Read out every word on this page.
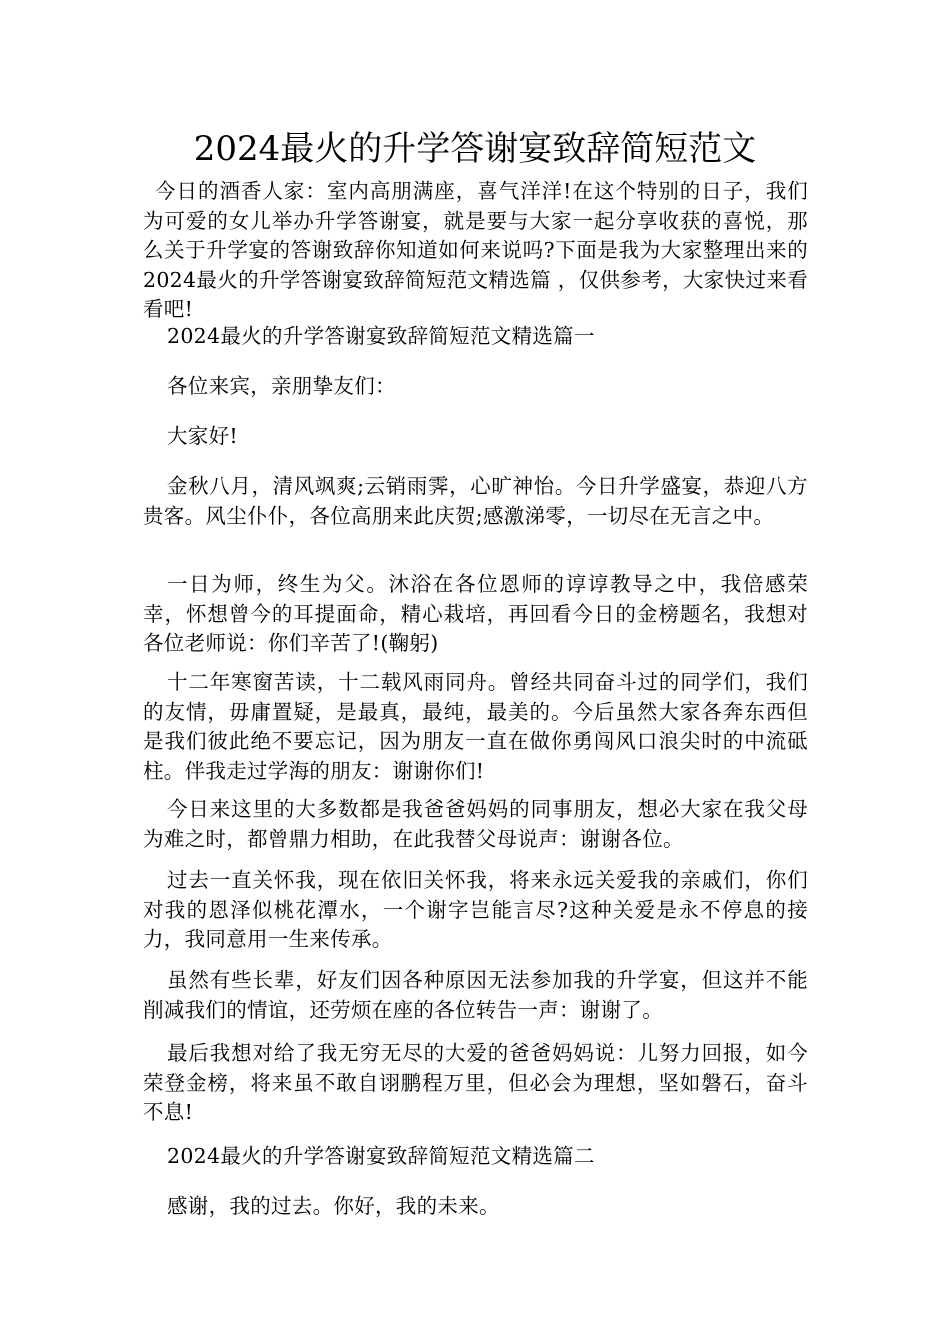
2024最火的升学答谢宴致辞简短范文

今日的酒香人家：室内高朋满座，喜气洋洋!在这个特别的日子，我们为可爱的女儿举办升学答谢宴，就是要与大家一起分享收获的喜悦，那么关于升学宴的答谢致辞你知道如何来说吗?下面是我为大家整理出来的2024最火的升学答谢宴致辞简短范文精选篇 ，仅供参考，大家快过来看看吧!

2024最火的升学答谢宴致辞简短范文精选篇一

各位来宾，亲朋挚友们：

大家好!

金秋八月，清风飒爽;云销雨霁，心旷神怡。今日升学盛宴，恭迎八方贵客。风尘仆仆，各位高朋来此庆贺;感激涕零，一切尽在无言之中。

一日为师，终生为父。沐浴在各位恩师的谆谆教导之中，我倍感荣幸，怀想曾今的耳提面命，精心栽培，再回看今日的金榜题名，我想对各位老师说：你们辛苦了!(鞠躬)

十二年寒窗苦读，十二载风雨同舟。曾经共同奋斗过的同学们，我们的友情，毋庸置疑，是最真，最纯，最美的。今后虽然大家各奔东西但是我们彼此绝不要忘记，因为朋友一直在做你勇闯风口浪尖时的中流砥柱。伴我走过学海的朋友：谢谢你们!

今日来这里的大多数都是我爸爸妈妈的同事朋友，想必大家在我父母为难之时，都曾鼎力相助，在此我替父母说声：谢谢各位。

过去一直关怀我，现在依旧关怀我，将来永远关爱我的亲戚们，你们对我的恩泽似桃花潭水，一个谢字岂能言尽?这种关爱是永不停息的接力，我同意用一生来传承。

虽然有些长辈，好友们因各种原因无法参加我的升学宴，但这并不能削减我们的情谊，还劳烦在座的各位转告一声：谢谢了。

最后我想对给了我无穷无尽的大爱的爸爸妈妈说：儿努力回报，如今荣登金榜，将来虽不敢自诩鹏程万里，但必会为理想，坚如磐石，奋斗不息!

2024最火的升学答谢宴致辞简短范文精选篇二

感谢，我的过去。你好，我的未来。
